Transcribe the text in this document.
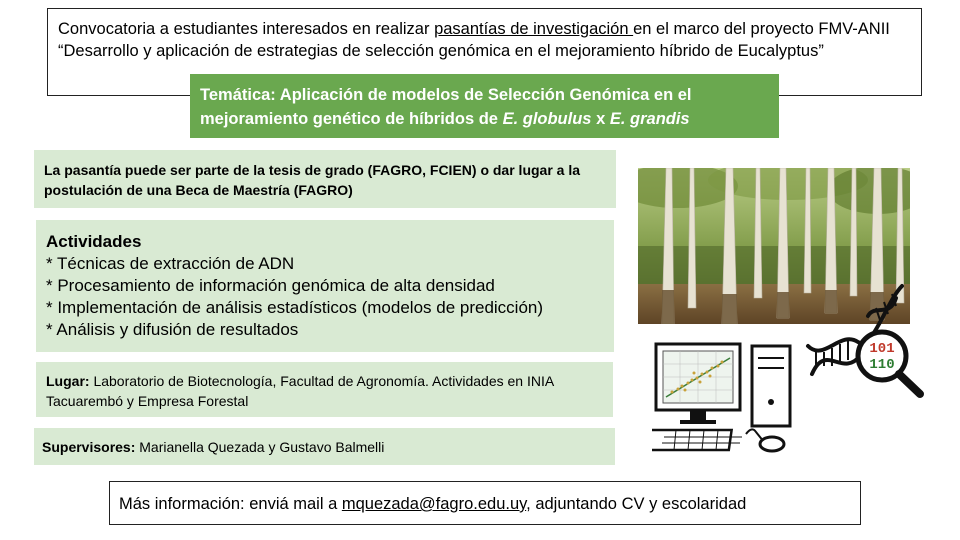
Convocatoria a estudiantes interesados en realizar pasantías de investigación en el marco del proyecto FMV-ANII “Desarrollo y aplicación de estrategias de selección genómica en el mejoramiento híbrido de Eucalyptus”
Temática: Aplicación de modelos de Selección Genómica en el mejoramiento genético de híbridos de E. globulus x E. grandis
La pasantía puede ser parte de la tesis de grado (FAGRO, FCIEN) o dar lugar a la postulación de una Beca de Maestría (FAGRO)
Actividades
* Técnicas de extracción de ADN
* Procesamiento de información genómica de alta densidad
* Implementación de análisis estadísticos (modelos de predicción)
* Análisis y difusión de resultados
Lugar: Laboratorio de Biotecnología, Facultad de Agronomía. Actividades en INIA Tacuarembó y Empresa Forestal
Supervisores: Marianella Quezada y Gustavo Balmelli
Más información: enviá mail a mquezada@fagro.edu.uy, adjuntando CV y escolaridad
101
110
